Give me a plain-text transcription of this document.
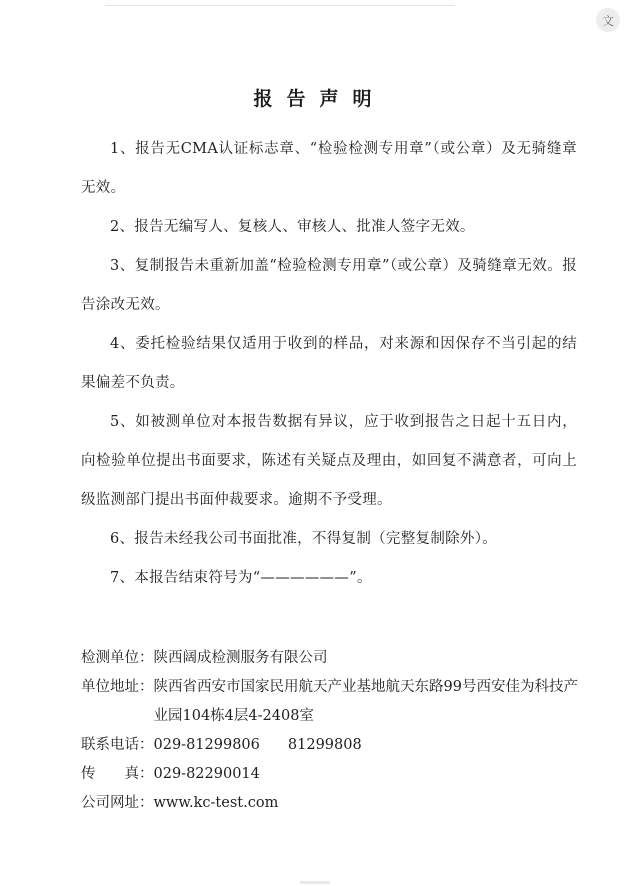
文
报告声明

1、报告无CMA认证标志章、“检验检测专用章”（或公章）及无骑缝章无效。

2、报告无编写人、复核人、审核人、批准人签字无效。

3、复制报告未重新加盖“检验检测专用章”（或公章）及骑缝章无效。报告涂改无效。

4、委托检验结果仅适用于收到的样品，对来源和因保存不当引起的结果偏差不负责。

5、如被测单位对本报告数据有异议，应于收到报告之日起十五日内，向检验单位提出书面要求，陈述有关疑点及理由，如回复不满意者，可向上级监测部门提出书面仲裁要求。逾期不予受理。

6、报告未经我公司书面批准，不得复制（完整复制除外）。

7、本报告结束符号为“——————”。

检测单位： 陕西阔成检测服务有限公司
单位地址： 陕西省西安市国家民用航天产业基地航天东路99号西安佳为科技产业园104栋4层4-2408室
联系电话： 029-81299806 81299808
传　　真： 029-82290014
公司网址： www.kc-test.com
